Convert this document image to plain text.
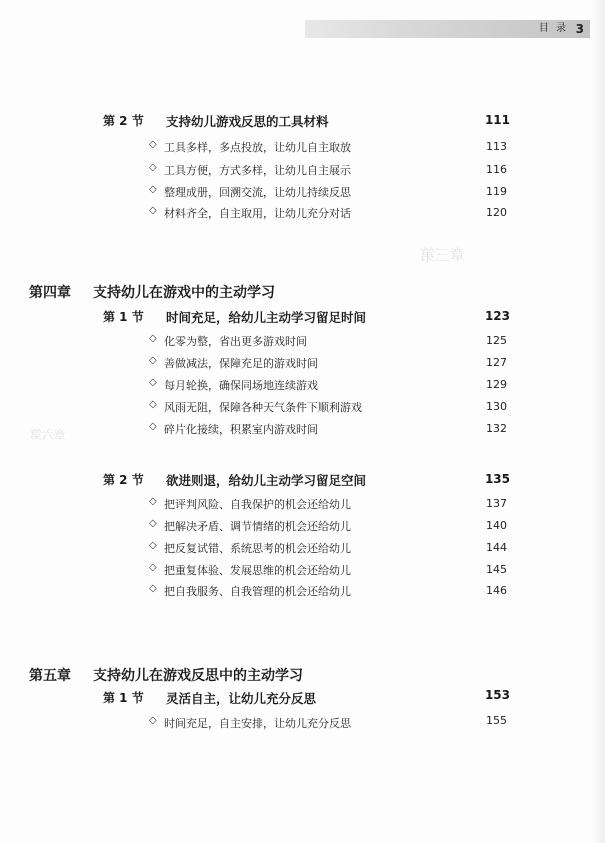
目 录 3
章三第
章六第
第 2 节 支持幼儿游戏反思的工具材料	111
◇ 工具多样，多点投放，让幼儿自主取放	113
◇ 工具方便，方式多样，让幼儿自主展示	116
◇ 整理成册，回溯交流，让幼儿持续反思	119
◇ 材料齐全，自主取用，让幼儿充分对话	120
第四章 支持幼儿在游戏中的主动学习
第 1 节 时间充足，给幼儿主动学习留足时间	123
◇ 化零为整，省出更多游戏时间	125
◇ 善做减法，保障充足的游戏时间	127
◇ 每月轮换，确保同场地连续游戏	129
◇ 风雨无阻，保障各种天气条件下顺利游戏	130
◇ 碎片化接续，积累室内游戏时间	132
第 2 节 欲进则退，给幼儿主动学习留足空间	135
◇ 把评判风险、自我保护的机会还给幼儿	137
◇ 把解决矛盾、调节情绪的机会还给幼儿	140
◇ 把反复试错、系统思考的机会还给幼儿	144
◇ 把重复体验、发展思维的机会还给幼儿	145
◇ 把自我服务、自我管理的机会还给幼儿	146
第五章 支持幼儿在游戏反思中的主动学习
第 1 节 灵活自主，让幼儿充分反思	153
◇ 时间充足，自主安排，让幼儿充分反思	155
